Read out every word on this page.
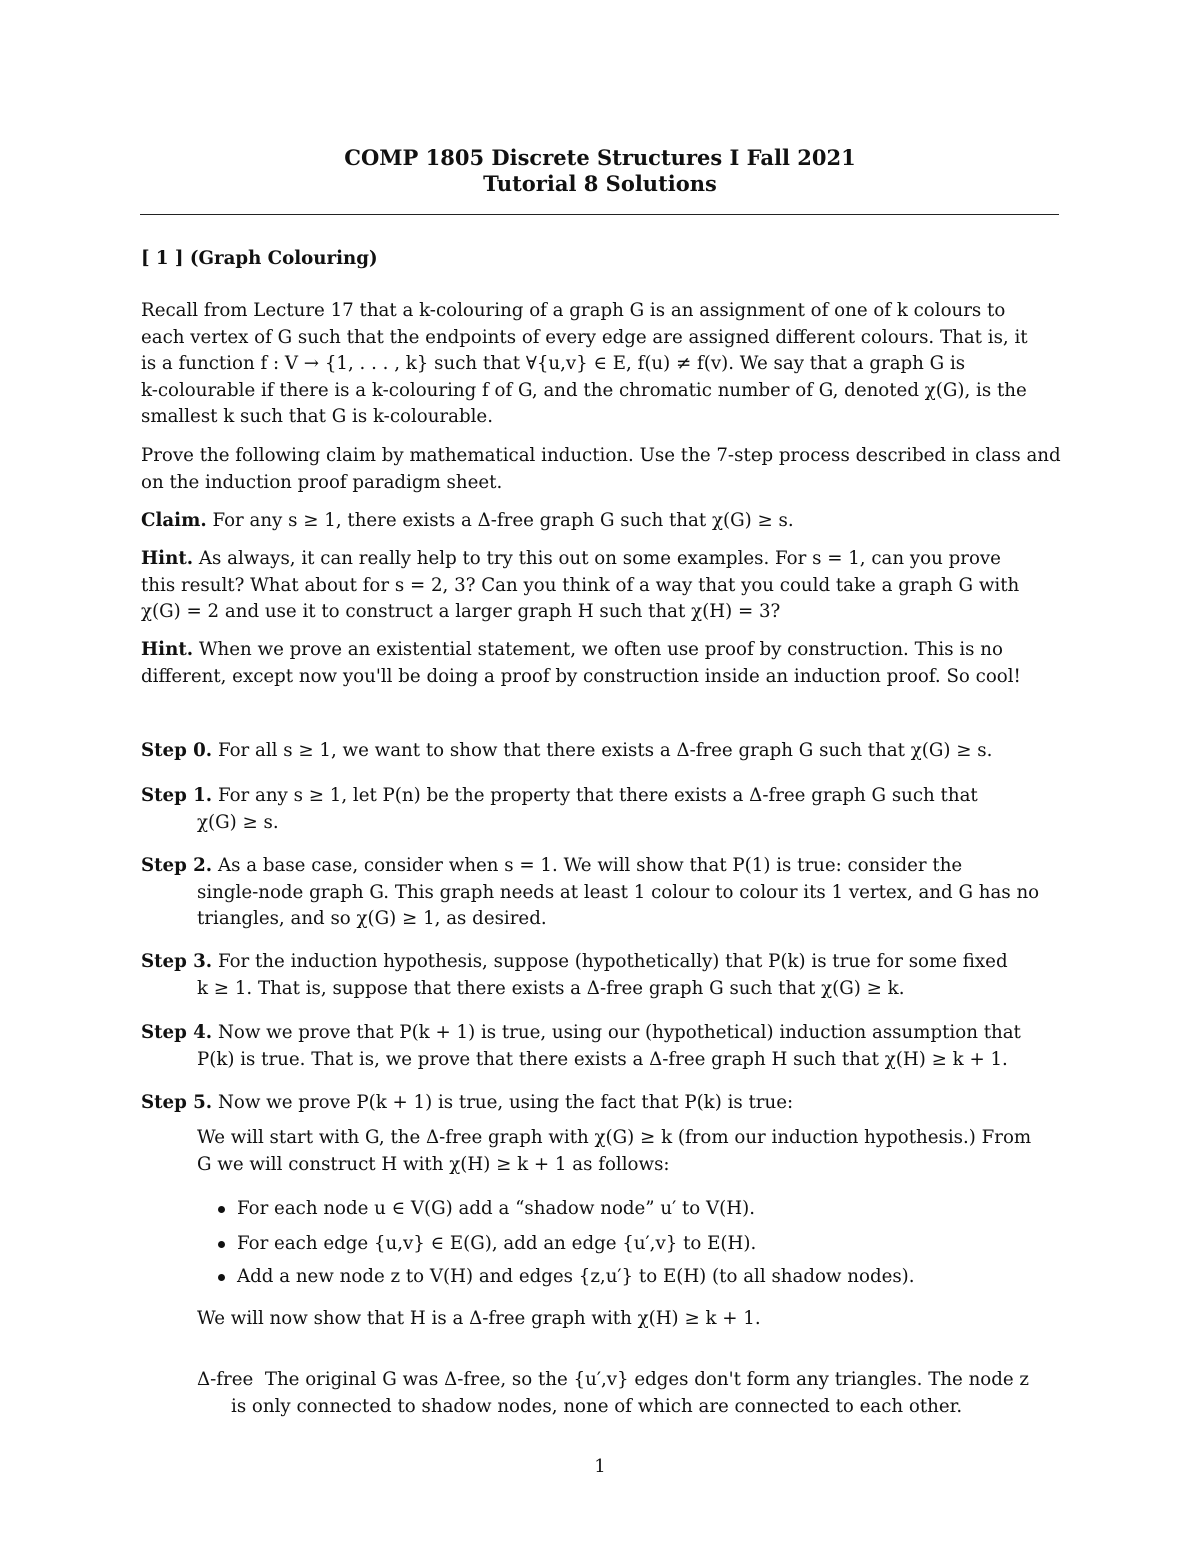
COMP 1805 Discrete Structures I Fall 2021
Tutorial 8 Solutions
[ 1 ] (Graph Colouring)
Recall from Lecture 17 that a k-colouring of a graph G is an assignment of one of k colours to
each vertex of G such that the endpoints of every edge are assigned different colours. That is, it
is a function f : V → {1, . . . , k} such that ∀{u,v} ∈ E, f(u) ≠ f(v). We say that a graph G is
k-colourable if there is a k-colouring f of G, and the chromatic number of G, denoted χ(G), is the
smallest k such that G is k-colourable.
Prove the following claim by mathematical induction. Use the 7-step process described in class and
on the induction proof paradigm sheet.
Claim. For any s ≥ 1, there exists a Δ-free graph G such that χ(G) ≥ s.
Hint. As always, it can really help to try this out on some examples. For s = 1, can you prove
this result? What about for s = 2, 3? Can you think of a way that you could take a graph G with
χ(G) = 2 and use it to construct a larger graph H such that χ(H) = 3?
Hint. When we prove an existential statement, we often use proof by construction. This is no
different, except now you'll be doing a proof by construction inside an induction proof. So cool!
Step 0. For all s ≥ 1, we want to show that there exists a Δ-free graph G such that χ(G) ≥ s.
Step 1. For any s ≥ 1, let P(n) be the property that there exists a Δ-free graph G such that
χ(G) ≥ s.
Step 2. As a base case, consider when s = 1. We will show that P(1) is true: consider the
single-node graph G. This graph needs at least 1 colour to colour its 1 vertex, and G has no
triangles, and so χ(G) ≥ 1, as desired.
Step 3. For the induction hypothesis, suppose (hypothetically) that P(k) is true for some fixed
k ≥ 1. That is, suppose that there exists a Δ-free graph G such that χ(G) ≥ k.
Step 4. Now we prove that P(k + 1) is true, using our (hypothetical) induction assumption that
P(k) is true. That is, we prove that there exists a Δ-free graph H such that χ(H) ≥ k + 1.
Step 5. Now we prove P(k + 1) is true, using the fact that P(k) is true:
We will start with G, the Δ-free graph with χ(G) ≥ k (from our induction hypothesis.) From
G we will construct H with χ(H) ≥ k + 1 as follows:
For each node u ∈ V(G) add a “shadow node” u′ to V(H).
For each edge {u,v} ∈ E(G), add an edge {u′,v} to E(H).
Add a new node z to V(H) and edges {z,u′} to E(H) (to all shadow nodes).
We will now show that H is a Δ-free graph with χ(H) ≥ k + 1.
Δ-free The original G was Δ-free, so the {u′,v} edges don't form any triangles. The node z
is only connected to shadow nodes, none of which are connected to each other.
1
